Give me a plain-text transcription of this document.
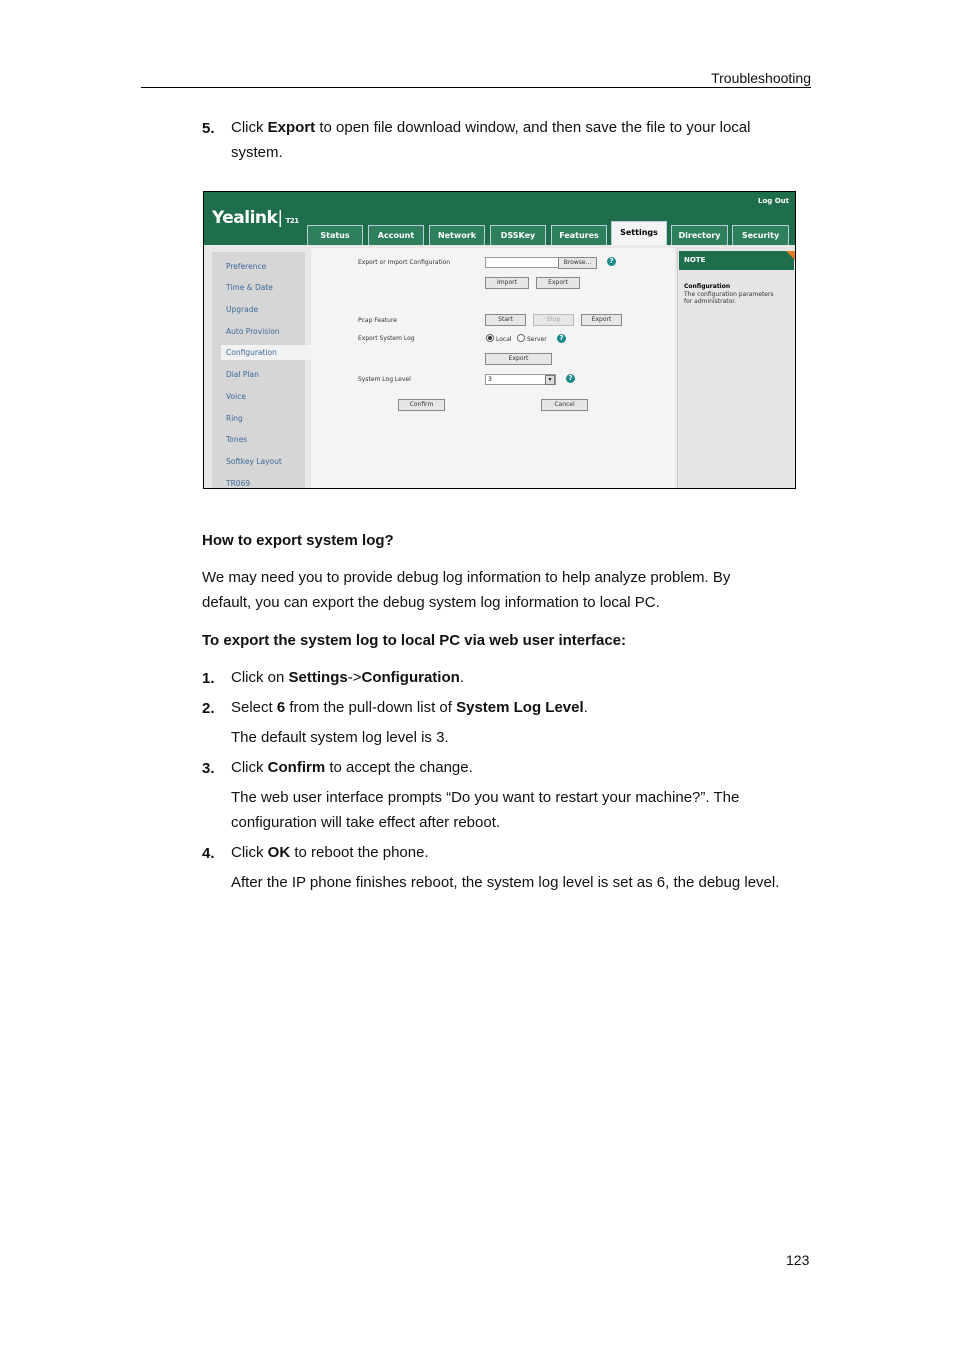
Troubleshooting
5. Click Export to open file download window, and then save the file to your local
system.
Yealink| T21
Log Out
Status	Account	Network	DSSKey	Features	Settings	Directory	Security
Preference
Time & Date
Upgrade
Auto Provision
Configuration
Dial Plan
Voice
Ring
Tones
Softkey Layout
TR069
Export or Import Configuration	Browse...	?
Import	Export
Pcap Feature	Start	Stop	Export
Export System Log	Local	Server	?
Export
System Log Level	3	▾	?
Confirm	Cancel
NOTE
Configuration
The configuration parameters
for administrator.
How to export system log?
We may need you to provide debug log information to help analyze problem. By
default, you can export the debug system log information to local PC.
To export the system log to local PC via web user interface:
1. Click on Settings->Configuration.
2. Select 6 from the pull-down list of System Log Level.
The default system log level is 3.
3. Click Confirm to accept the change.
The web user interface prompts “Do you want to restart your machine?”. The
configuration will take effect after reboot.
4. Click OK to reboot the phone.
After the IP phone finishes reboot, the system log level is set as 6, the debug level.
123
